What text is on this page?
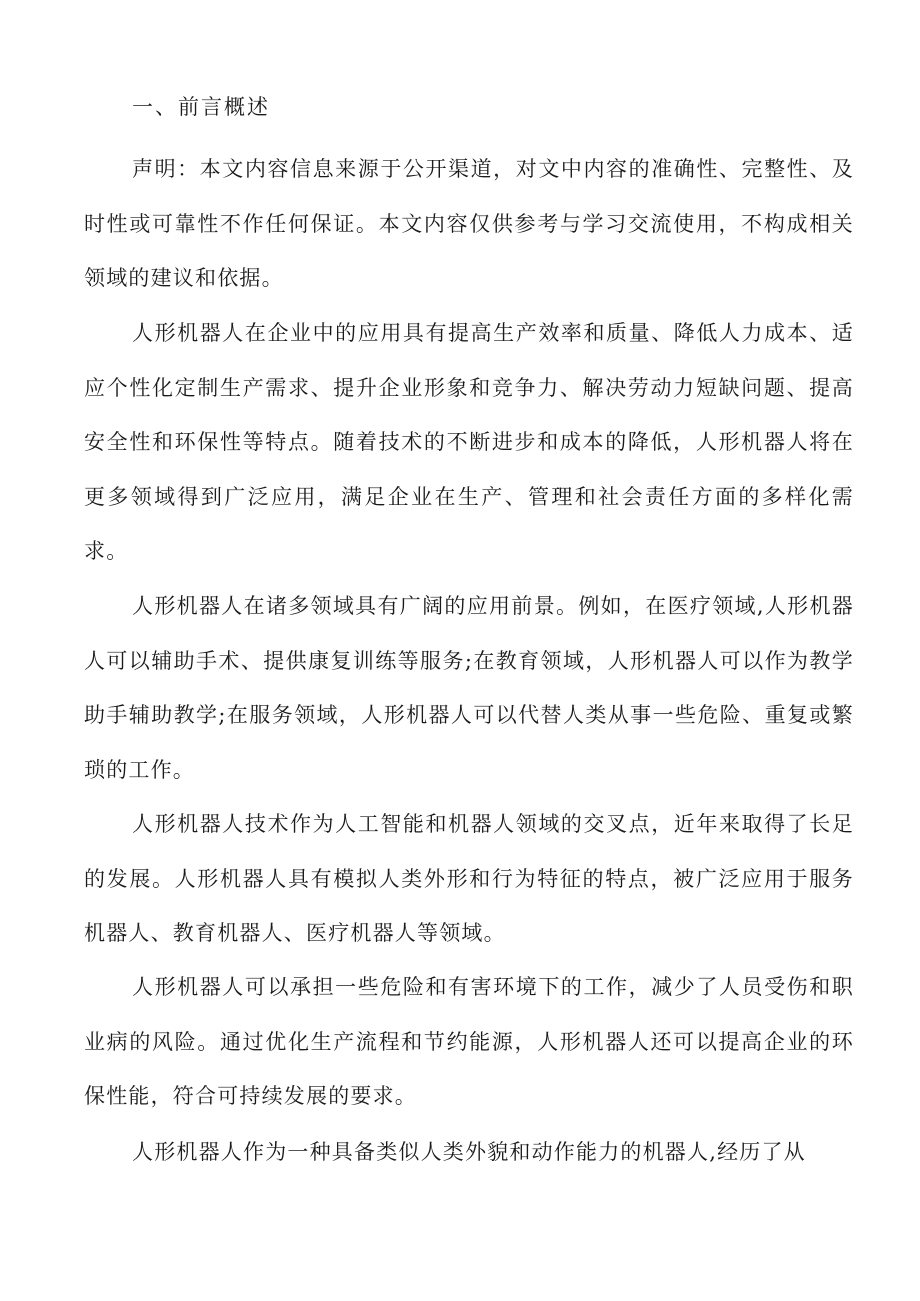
一、前言概述

声明：本文内容信息来源于公开渠道，对文中内容的准确性、完整性、及时性或可靠性不作任何保证。本文内容仅供参考与学习交流使用，不构成相关领域的建议和依据。

人形机器人在企业中的应用具有提高生产效率和质量、降低人力成本、适应个性化定制生产需求、提升企业形象和竞争力、解决劳动力短缺问题、提高安全性和环保性等特点。随着技术的不断进步和成本的降低，人形机器人将在更多领域得到广泛应用，满足企业在生产、管理和社会责任方面的多样化需求。

人形机器人在诸多领域具有广阔的应用前景。例如，在医疗领域,人形机器人可以辅助手术、提供康复训练等服务;在教育领域，人形机器人可以作为教学助手辅助教学;在服务领域，人形机器人可以代替人类从事一些危险、重复或繁琐的工作。

人形机器人技术作为人工智能和机器人领域的交叉点，近年来取得了长足的发展。人形机器人具有模拟人类外形和行为特征的特点，被广泛应用于服务机器人、教育机器人、医疗机器人等领域。

人形机器人可以承担一些危险和有害环境下的工作，减少了人员受伤和职业病的风险。通过优化生产流程和节约能源，人形机器人还可以提高企业的环保性能，符合可持续发展的要求。

人形机器人作为一种具备类似人类外貌和动作能力的机器人,经历了从
